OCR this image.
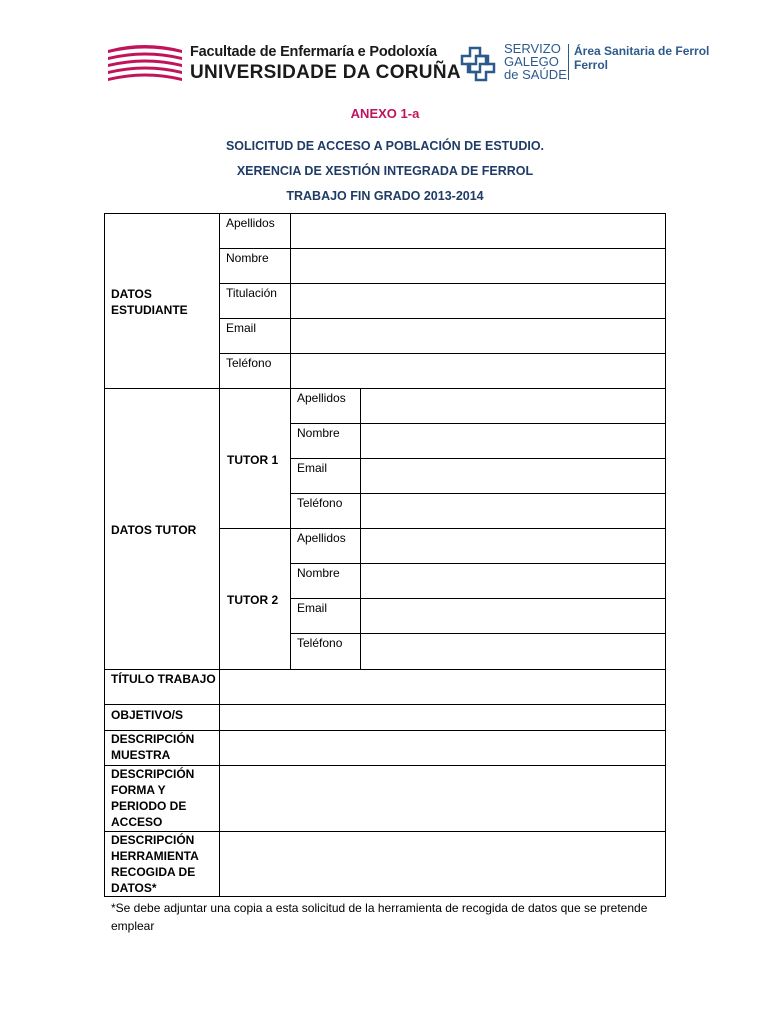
Facultade de Enfermaría e Podoloxía
UNIVERSIDADE DA CORUÑA
SERVIZO
GALEGO
de SAÚDE
Área Sanitaria de Ferrol
Ferrol
ANEXO 1-a
SOLICITUD DE ACCESO A POBLACIÓN DE ESTUDIO.
XERENCIA DE XESTIÓN INTEGRADA DE FERROL
TRABAJO FIN GRADO 2013-2014
DATOS
ESTUDIANTE
Apellidos
Nombre
Titulación
Email
Teléfono
DATOS TUTOR
TUTOR 1
TUTOR 2
Apellidos
Nombre
Email
Teléfono
Apellidos
Nombre
Email
Teléfono
TÍTULO TRABAJO
OBJETIVO/S
DESCRIPCIÓN
MUESTRA
DESCRIPCIÓN
FORMA Y
PERIODO DE
ACCESO
DESCRIPCIÓN
HERRAMIENTA
RECOGIDA DE
DATOS*
*Se debe adjuntar una copia a esta solicitud de la herramienta de recogida de datos que se pretende emplear
